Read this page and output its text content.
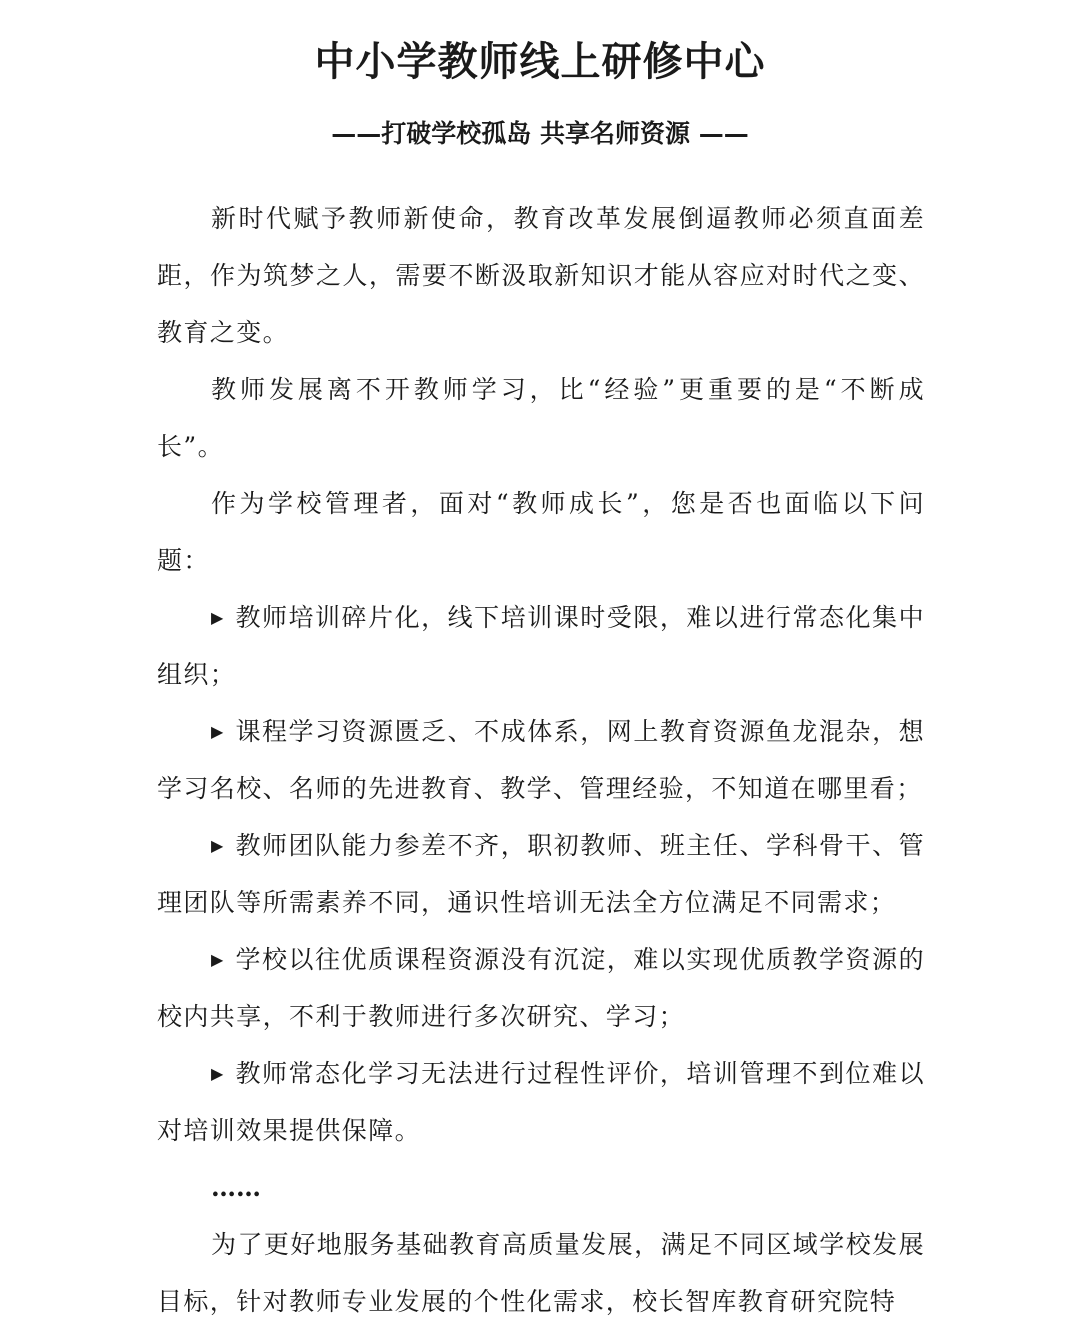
中小学教师线上研修中心
——打破学校孤岛 共享名师资源 ——

新时代赋予教师新使命，教育改革发展倒逼教师必须直面差距，作为筑梦之人，需要不断汲取新知识才能从容应对时代之变、教育之变。

教师发展离不开教师学习，比“经验”更重要的是“不断成长”。

作为学校管理者，面对“教师成长”，您是否也面临以下问题：

▶ 教师培训碎片化，线下培训课时受限，难以进行常态化集中组织；

▶ 课程学习资源匮乏、不成体系，网上教育资源鱼龙混杂，想学习名校、名师的先进教育、教学、管理经验，不知道在哪里看；

▶ 教师团队能力参差不齐，职初教师、班主任、学科骨干、管理团队等所需素养不同，通识性培训无法全方位满足不同需求；

▶ 学校以往优质课程资源没有沉淀，难以实现优质教学资源的校内共享，不利于教师进行多次研究、学习；

▶ 教师常态化学习无法进行过程性评价，培训管理不到位难以对培训效果提供保障。

……

为了更好地服务基础教育高质量发展，满足不同区域学校发展目标，针对教师专业发展的个性化需求，校长智库教育研究院特
